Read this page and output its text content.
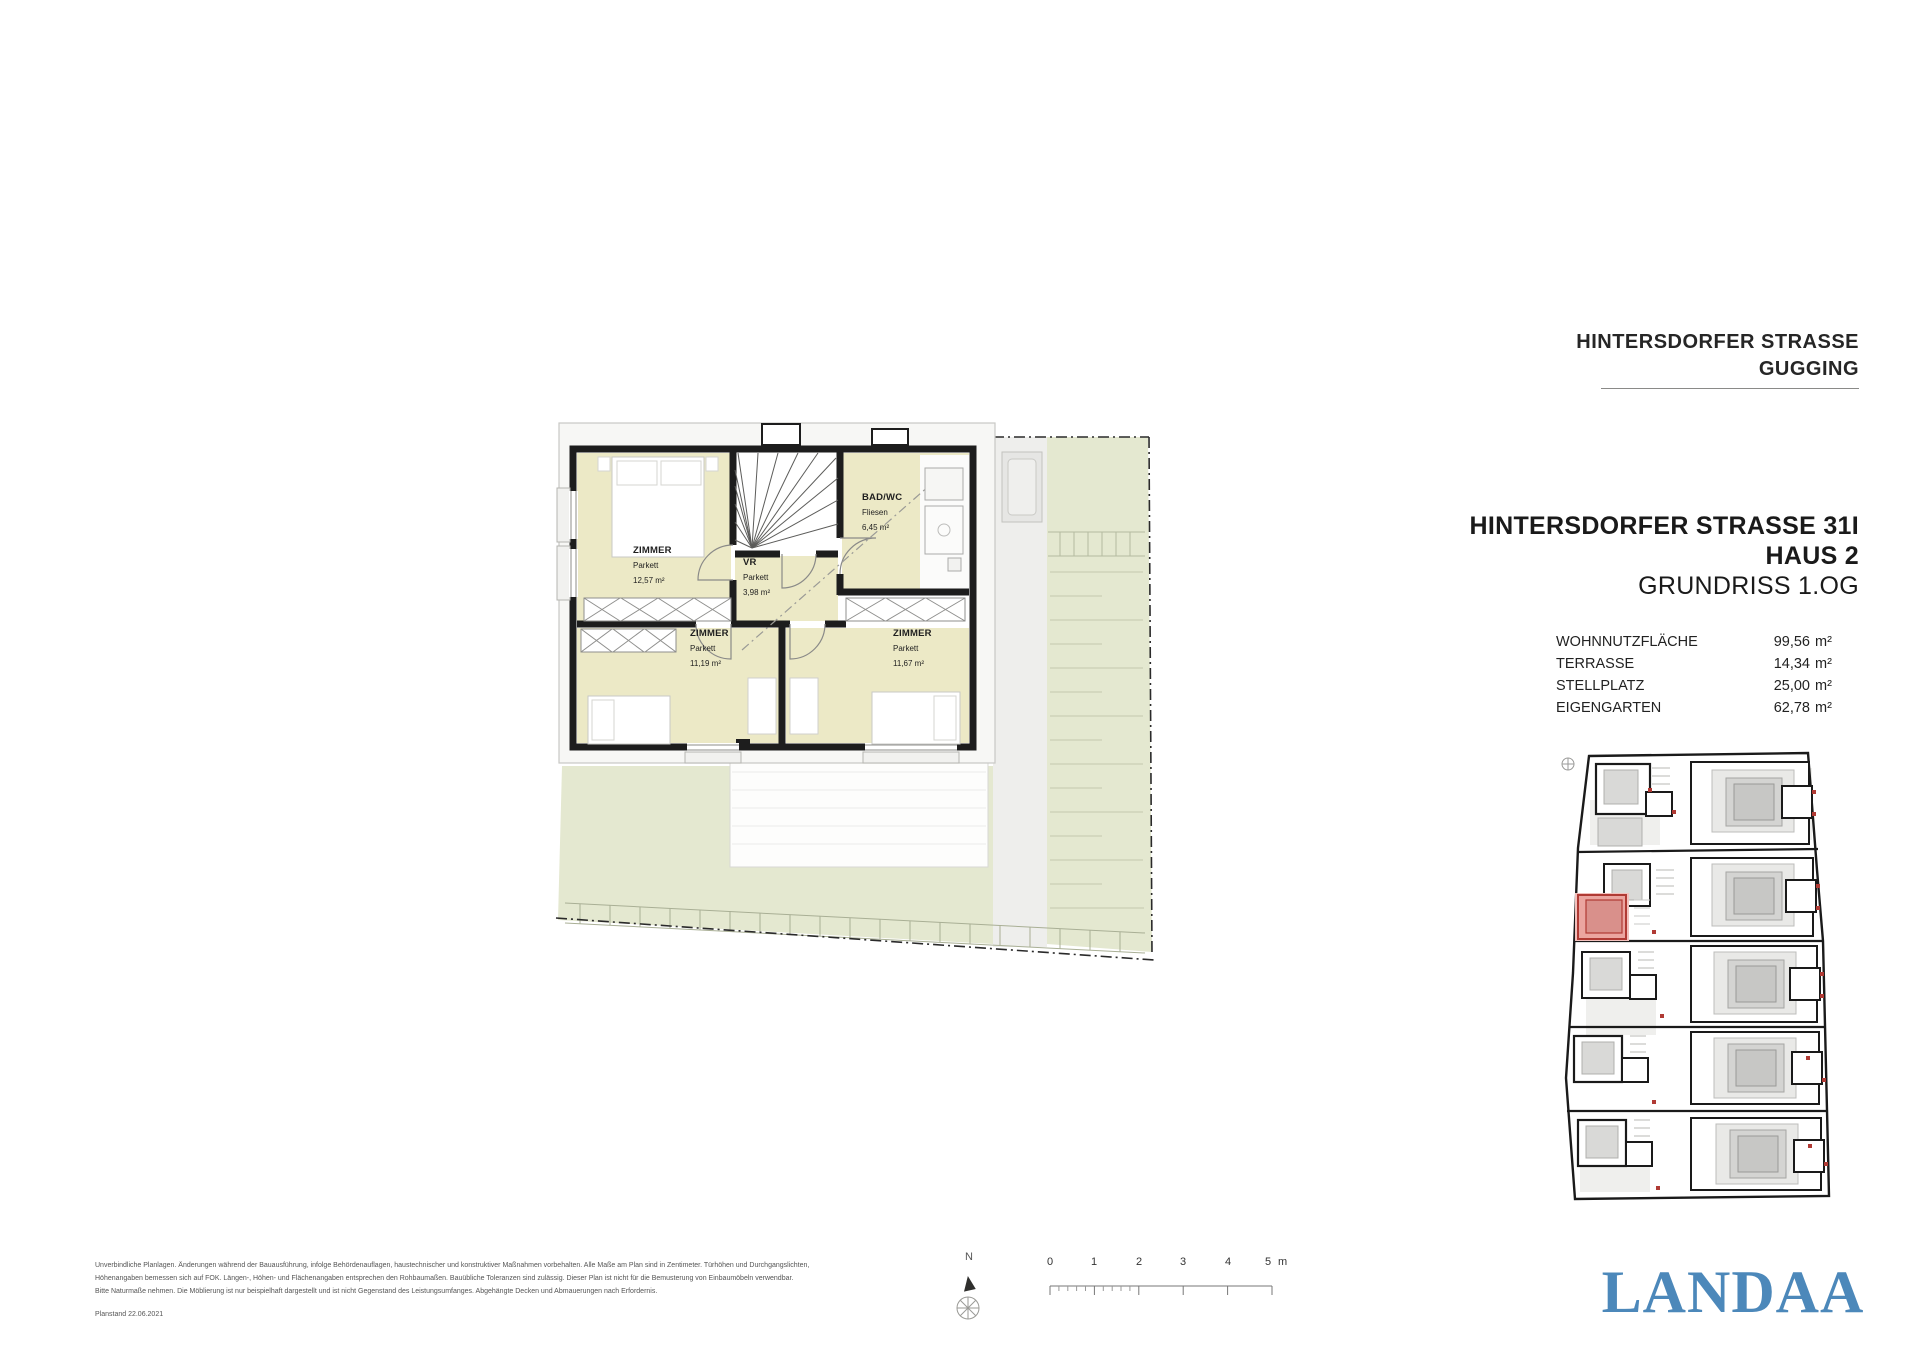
ZIMMER
Parkett
12,57 m²
VR
Parkett
3,98 m²
BAD/WC
Fliesen
6,45 m²
ZIMMER
Parkett
11,19 m²
ZIMMER
Parkett
11,67 m²
HINTERSDORFER STRASSE
GUGGING
HINTERSDORFER STRASSE 31I
HAUS 2
GRUNDRISS 1.OG
WOHNNUTZFLÄCHE	99,56 m²
TERRASSE	14,34 m²
STELLPLATZ	25,00 m²
EIGENGARTEN	62,78 m²
LANDAA
0	1	2	3	4	5 m
N
Unverbindliche Planlagen. Änderungen während der Bauausführung, infolge Behördenauflagen, haustechnischer und konstruktiver Maßnahmen vorbehalten. Alle Maße am Plan sind in Zentimeter. Türhöhen und Durchgangslichten,
Höhenangaben bemessen sich auf FOK. Längen-, Höhen- und Flächenangaben entsprechen den Rohbaumaßen. Bauübliche Toleranzen sind zulässig. Dieser Plan ist nicht für die Bemusterung von Einbaumöbeln verwendbar.
Bitte Naturmaße nehmen. Die Möblierung ist nur beispielhaft dargestellt und ist nicht Gegenstand des Leistungsumfanges. Abgehängte Decken und Abmauerungen nach Erfordernis.
Planstand 22.06.2021
